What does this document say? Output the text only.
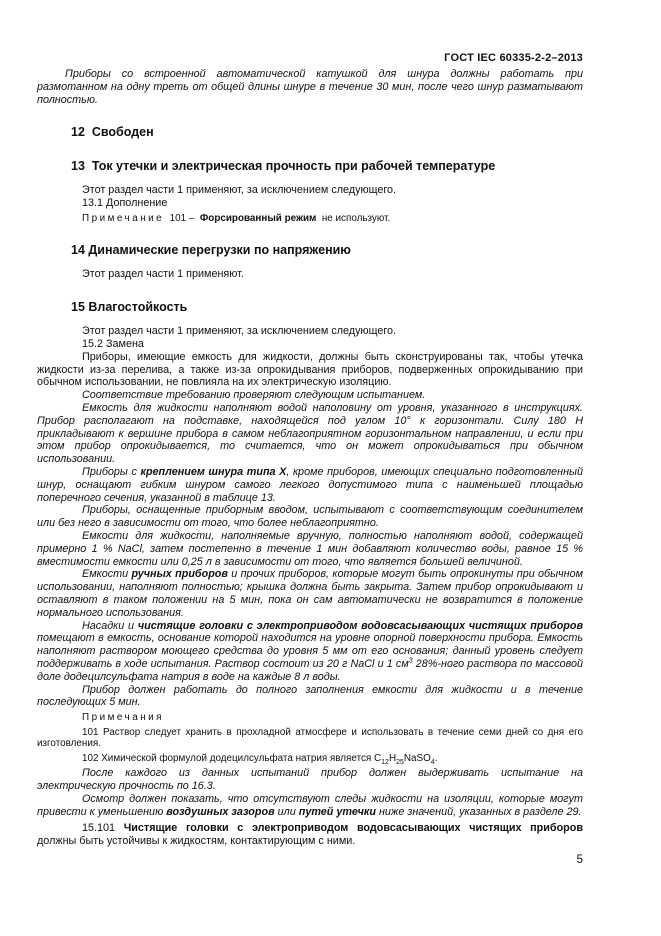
ГОСТ IEC 60335-2-2–2013

Приборы со встроенной автоматической катушкой для шнура должны работать при размотанном на одну треть от общей длины шнуре в течение 30 мин, после чего шнур разматывают полностью.

12  Свободен
13  Ток утечки и электрическая прочность при рабочей температуре

Этот раздел части 1 применяют, за исключением следующего.

13.1 Дополнение

Примечание  101 –  Форсированный режим  не используют.

14 Динамические перегрузки по напряжению

Этот раздел части 1 применяют.

15 Влагостойкость

Этот раздел части 1 применяют, за исключением следующего.

15.2 Замена

Приборы, имеющие емкость для жидкости, должны быть сконструированы так, чтобы утечка жидкости из-за перелива, а также из-за опрокидывания приборов, подверженных опрокидыванию при обычном использовании, не повлияла на их электрическую изоляцию.

Соответствие требованию проверяют следующим испытанием.

Емкость для жидкости наполняют водой наполовину от уровня, указанного в инструкциях. Прибор располагают на подставке, находящейся под углом 10° к горизонтали. Силу 180 Н прикладывают к вершине прибора в самом неблагоприятном горизонтальном направлении, и если при этом прибор опрокидывается, то считается, что он может опрокидываться при обычном использовании.

Приборы с креплением шнура типа X, кроме приборов, имеющих специально подготовленный шнур, оснащают гибким шнуром самого легкого допустимого типа с наименьшей площадью поперечного сечения, указанной в таблице 13.

Приборы, оснащенные приборным вводом, испытывают с соответствующим соединителем или без него в зависимости от того, что более неблагоприятно.

Емкости для жидкости, наполняемые вручную, полностью наполняют водой, содержащей примерно 1 % NaCl, затем постепенно в течение 1 мин добавляют количество воды, равное 15 % вместимости емкости или 0,25 л в зависимости от того, что является большей величиной.

Емкости ручных приборов и прочих приборов, которые могут быть опрокинуты при обычном использовании, наполняют полностью; крышка должна быть закрыта. Затем прибор опрокидывают и оставляют в таком положении на 5 мин, пока он сам автоматически не возвратится в положение нормального использования.

Насадки и чистящие головки с электроприводом водовсасывающих чистящих приборов помещают в емкость, основание которой находится на уровне опорной поверхности прибора. Емкость наполняют раствором моющего средства до уровня 5 мм от его основания; данный уровень следует поддерживать в ходе испытания. Раствор состоит из 20 г NaCl и 1 $см^3$ 28%-ного раствора по массовой доле додецилсульфата натрия в воде на каждые 8 л воды.

Прибор должен работать до полного заполнения емкости для жидкости и в течение последующих 5 мин.

Примечания

101 Раствор следует хранить в прохладной атмосфере и использовать в течение семи дней со дня его изготовления.

102 Химической формулой додецилсульфата натрия является $C_{12}H_{25}NaSO_4$.

После каждого из данных испытаний прибор должен выдерживать испытание на электрическую прочность по 16.3.

Осмотр должен показать, что отсутствуют следы жидкости на изоляции, которые могут привести к уменьшению воздушных зазоров или путей утечки ниже значений, указанных в разделе 29.

15.101 Чистящие головки с электроприводом водовсасывающих чистящих приборов должны быть устойчивы к жидкостям, контактирующим с ними.

5
